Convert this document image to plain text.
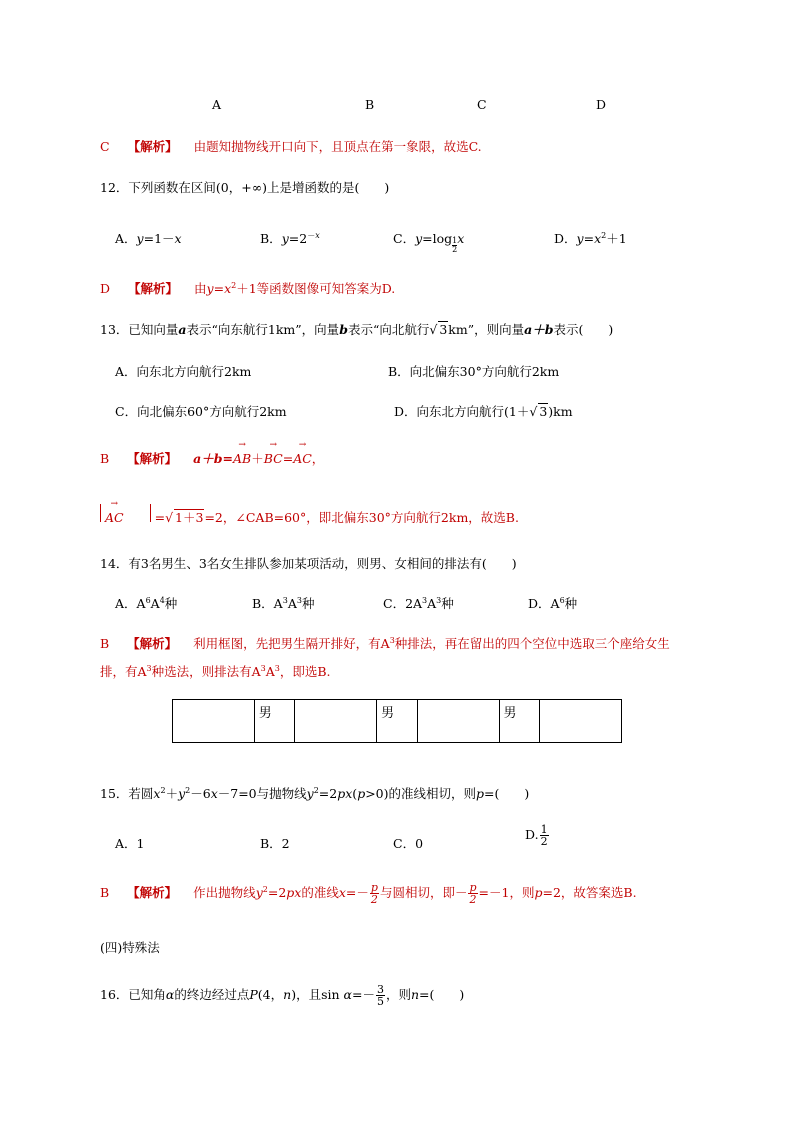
A	B	C	D
C 【解析】 由题知抛物线开口向下，且顶点在第一象限，故选C.
12．下列函数在区间(0，+∞)上是增函数的是(　　)
A．y=1－x	B．$y=2^{-x}$	C．$y=\log \frac{1}{2}$ x	D．$y=x^2+1$
D 【解析】 由$y=x^2+1$等函数图像可知答案为D.
13．已知向量a表示“向东航行1km”，向量b表示“向北航行√ 3km”，则向量a＋b表示(　　)
A．向东北方向航行2km	B．向北偏东30°方向航行2km
C．向北偏东60°方向航行2km	D．向东北方向航行(1＋√ 3)km
B 【解析】 a＋b=→ AB＋→ BC=→ AC，
→ AC =√ 1＋3=2，∠CAB=60°，即北偏东30°方向航行2km，故选B.
14．有3名男生、3名女生排队参加某项活动，则男、女相间的排法有(　　)
A．$A^6A^4$种	B．$A^3A^3$种	C．$2A^3A^3$种	D．$A^6$种
B 【解析】 利用框图，先把男生隔开排好，有$A^3$种排法，再在留出的四个空位中选取三个座给女生
排，有$A^3$种选法，则排法有$A^3A^3$，即选B.
	男		男		男	
15．若圆$x^2+y^2-6x-7=0$与抛物线$y^2=2px(p>0)$的准线相切，则p=(　　)
A．1	B．2	C．0
D. $\frac{1}{2}$
B 【解析】 作出抛物线$y^2=2px$的准线$x=- \frac{p}{2}$ 与圆相切，即－ $\frac{p}{2} =-1$，则p=2，故答案选B.
(四)特殊法
16．已知角α的终边经过点P(4，n)，且$\sin \alpha=- \frac{3}{5}$ ，则n=(　　)
